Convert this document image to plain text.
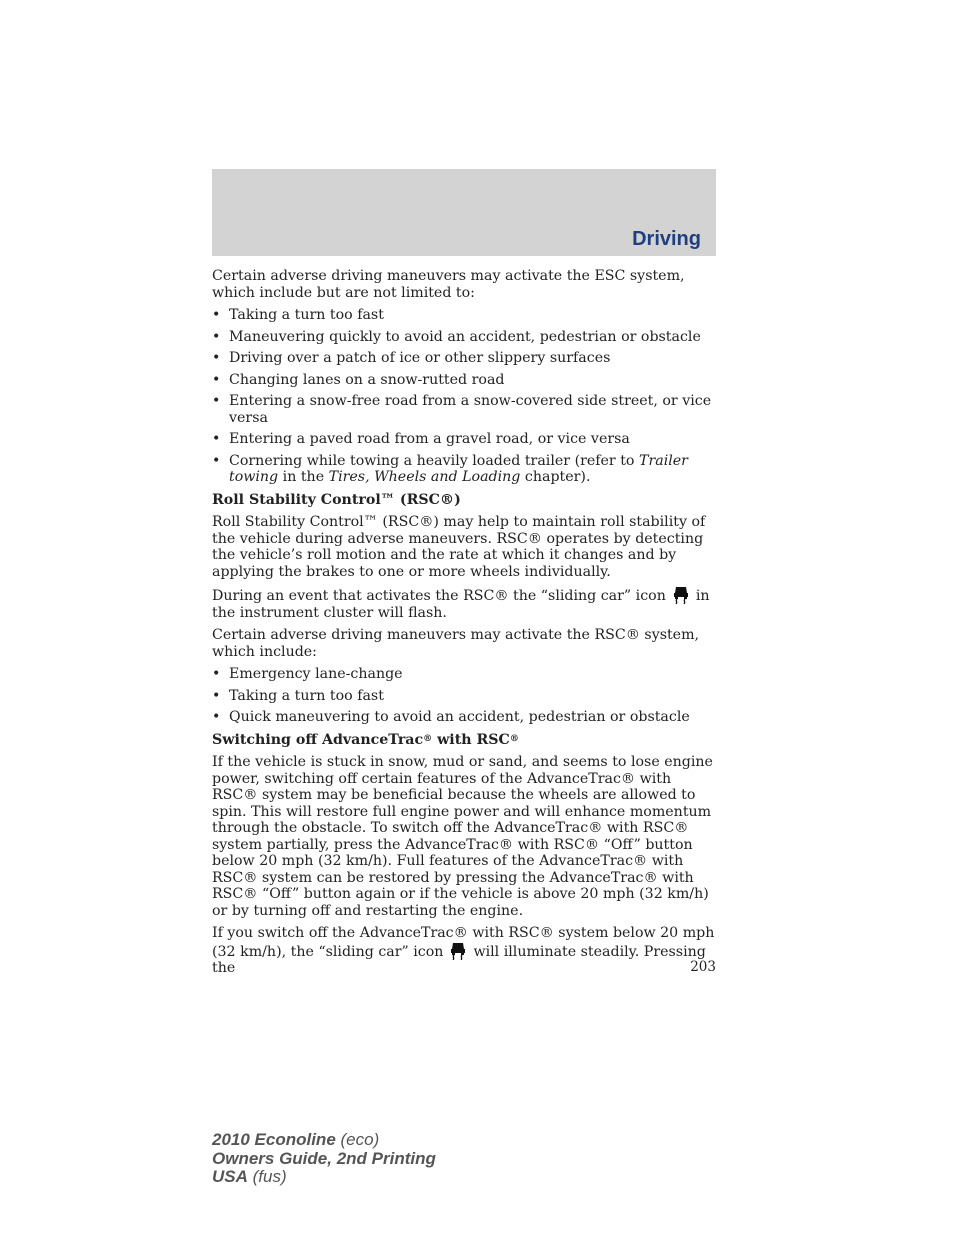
Driving

Certain adverse driving maneuvers may activate the ESC system, which include but are not limited to:

• Taking a turn too fast
• Maneuvering quickly to avoid an accident, pedestrian or obstacle
• Driving over a patch of ice or other slippery surfaces
• Changing lanes on a snow-rutted road
• Entering a snow-free road from a snow-covered side street, or vice versa
• Entering a paved road from a gravel road, or vice versa
• Cornering while towing a heavily loaded trailer (refer to Trailer towing in the Tires, Wheels and Loading chapter).
Roll Stability Control™ (RSC®)

Roll Stability Control™ (RSC®) may help to maintain roll stability of the vehicle during adverse maneuvers. RSC® operates by detecting the vehicle’s roll motion and the rate at which it changes and by applying the brakes to one or more wheels individually.

During an event that activates the RSC® the “sliding car” icon in the instrument cluster will flash.

Certain adverse driving maneuvers may activate the RSC® system, which include:

• Emergency lane-change
• Taking a turn too fast
• Quick maneuvering to avoid an accident, pedestrian or obstacle
Switching off AdvanceTrac® with RSC®

If the vehicle is stuck in snow, mud or sand, and seems to lose engine power, switching off certain features of the AdvanceTrac® with RSC® system may be beneficial because the wheels are allowed to spin. This will restore full engine power and will enhance momentum through the obstacle. To switch off the AdvanceTrac® with RSC® system partially, press the AdvanceTrac® with RSC® “Off” button below 20 mph (32 km/h). Full features of the AdvanceTrac® with RSC® system can be restored by pressing the AdvanceTrac® with RSC® “Off” button again or if the vehicle is above 20 mph (32 km/h) or by turning off and restarting the engine.

If you switch off the AdvanceTrac® with RSC® system below 20 mph (32 km/h), the “sliding car” icon will illuminate steadily. Pressing the	203
2010 Econoline (eco)
Owners Guide, 2nd Printing
USA (fus)
